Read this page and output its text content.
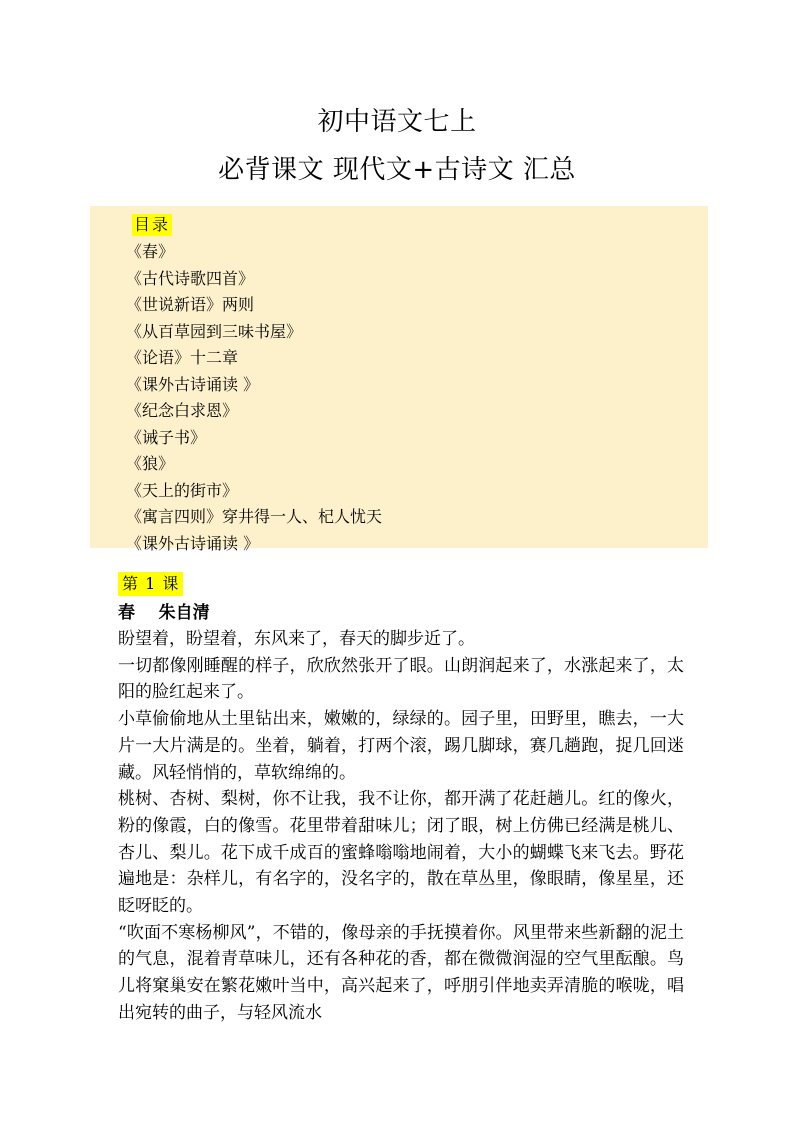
初中语文七上
必背课文 现代文+古诗文 汇总
目录
《春》
《古代诗歌四首》
《世说新语》两则
《从百草园到三味书屋》
《论语》十二章
《课外古诗诵读 》
《纪念白求恩》
《诫子书》
《狼》
《天上的街市》
《寓言四则》穿井得一人、杞人忧天
《课外古诗诵读 》
第 1 课
春    朱自清

盼望着，盼望着，东风来了，春天的脚步近了。

一切都像刚睡醒的样子，欣欣然张开了眼。山朗润起来了，水涨起来了，太阳的脸红起来了。

小草偷偷地从土里钻出来，嫩嫩的，绿绿的。园子里，田野里，瞧去，一大片一大片满是的。坐着，躺着，打两个滚，踢几脚球，赛几趟跑，捉几回迷藏。风轻悄悄的，草软绵绵的。

桃树、杏树、梨树，你不让我，我不让你，都开满了花赶趟儿。红的像火，粉的像霞，白的像雪。花里带着甜味儿；闭了眼，树上仿佛已经满是桃儿、杏儿、梨儿。花下成千成百的蜜蜂嗡嗡地闹着，大小的蝴蝶飞来飞去。野花遍地是：杂样儿，有名字的，没名字的，散在草丛里，像眼睛，像星星，还眨呀眨的。

“吹面不寒杨柳风”，不错的，像母亲的手抚摸着你。风里带来些新翻的泥土的气息，混着青草味儿，还有各种花的香，都在微微润湿的空气里酝酿。鸟儿将窠巢安在繁花嫩叶当中，高兴起来了，呼朋引伴地卖弄清脆的喉咙，唱出宛转的曲子，与轻风流水
